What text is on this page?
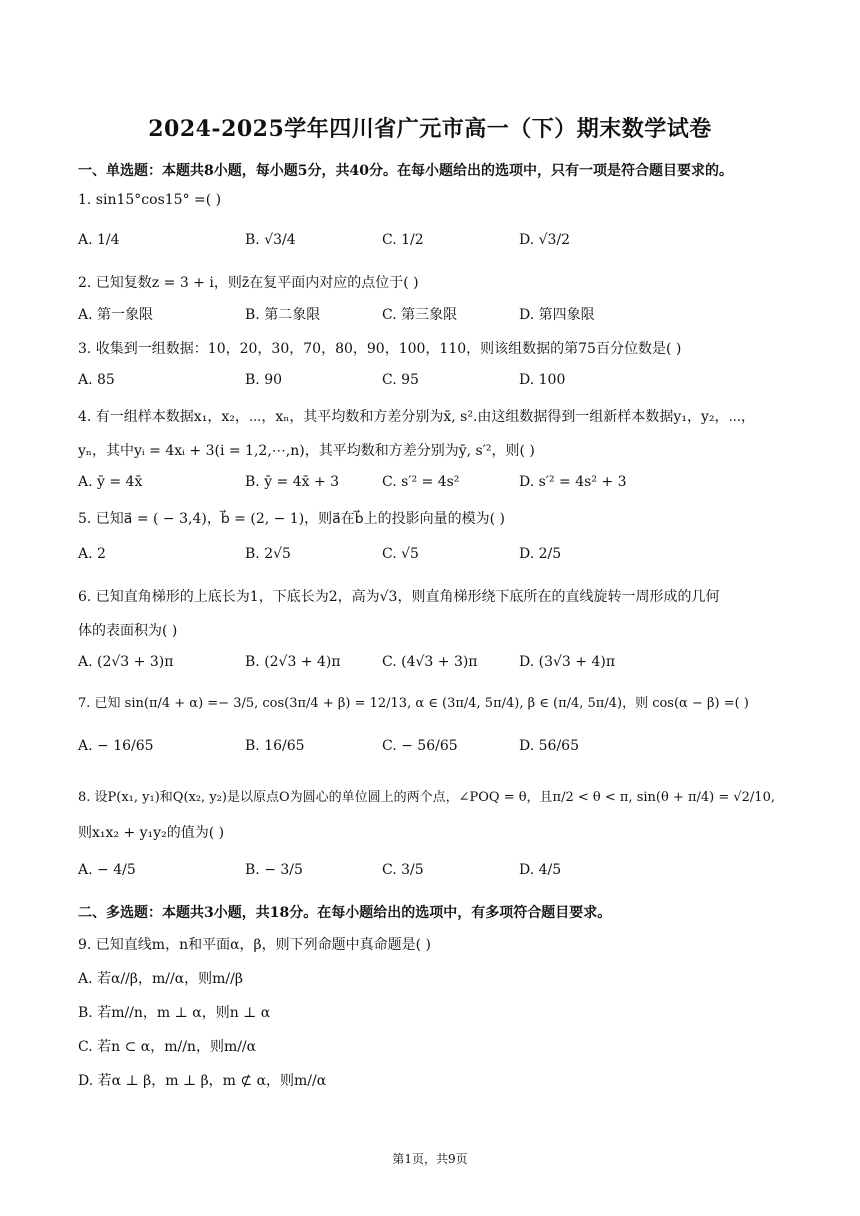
2024-2025学年四川省广元市高一（下）期末数学试卷
一、单选题：本题共8小题，每小题5分，共40分。在每小题给出的选项中，只有一项是符合题目要求的。
1. sin15°cos15° =( )
A. 1/4	B. √3/4	C. 1/2	D. √3/2
2. 已知复数z = 3 + i，则z̄在复平面内对应的点位于( )
A. 第一象限	B. 第二象限	C. 第三象限	D. 第四象限
3. 收集到一组数据：10，20，30，70，80，90，100，110，则该组数据的第75百分位数是( )
A. 85	B. 90	C. 95	D. 100
4. 有一组样本数据x₁，x₂，⋯，xₙ，其平均数和方差分别为x̄, s².由这组数据得到一组新样本数据y₁，y₂，⋯，
yₙ，其中yᵢ = 4xᵢ + 3(i = 1,2,⋯,n)，其平均数和方差分别为ȳ, s′²，则( )
A. ȳ = 4x̄	B. ȳ = 4x̄ + 3	C. s′² = 4s²	D. s′² = 4s² + 3
5. 已知a⃗ = ( − 3,4)，b⃗ = (2, − 1)，则a⃗在b⃗上的投影向量的模为( )
A. 2	B. 2√5	C. √5	D. 2/5
6. 已知直角梯形的上底长为1，下底长为2，高为√3，则直角梯形绕下底所在的直线旋转一周形成的几何
体的表面积为( )
A. (2√3 + 3)π	B. (2√3 + 4)π	C. (4√3 + 3)π	D. (3√3 + 4)π
7. 已知 sin(π/4 + α) =− 3/5, cos(3π/4 + β) = 12/13, α ∈ (3π/4, 5π/4), β ∈ (π/4, 5π/4)，则 cos(α − β) =( )
A. − 16/65	B. 16/65	C. − 56/65	D. 56/65
8. 设P(x₁, y₁)和Q(x₂, y₂)是以原点O为圆心的单位圆上的两个点，∠POQ = θ，且π/2 < θ < π, sin(θ + π/4) = √2/10,
则x₁x₂ + y₁y₂的值为( )
A. − 4/5	B. − 3/5	C. 3/5	D. 4/5
二、多选题：本题共3小题，共18分。在每小题给出的选项中，有多项符合题目要求。
9. 已知直线m，n和平面α，β，则下列命题中真命题是( )
A. 若α//β，m//α，则m//β
B. 若m//n，m ⊥ α，则n ⊥ α
C. 若n ⊂ α，m//n，则m//α
D. 若α ⊥ β，m ⊥ β，m ⊄ α，则m//α
第1页，共9页
